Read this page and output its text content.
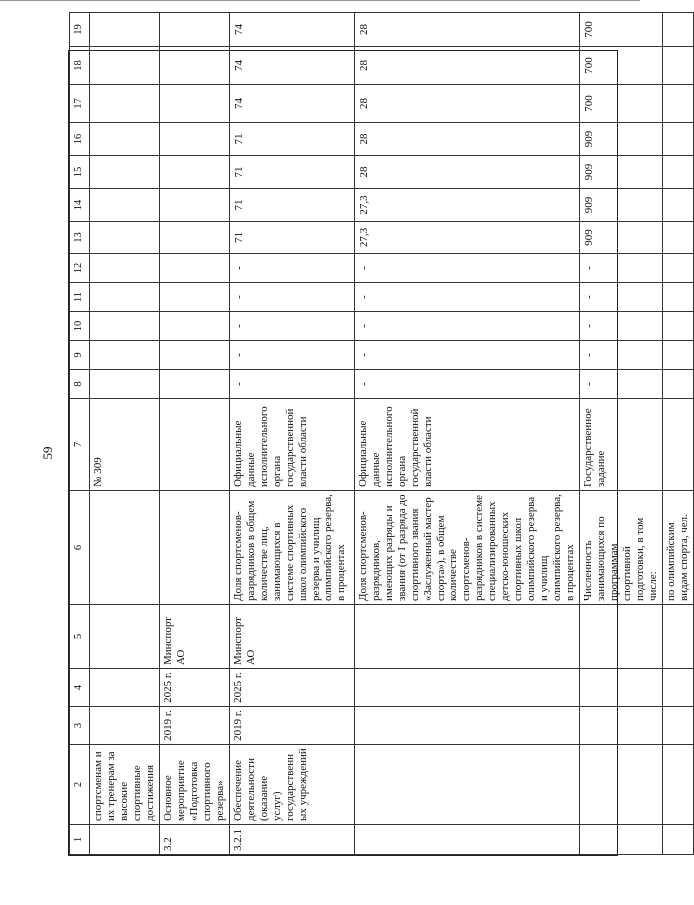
59
1	2	3	4	5	6	7	8	9	10	11	12	13	14	15	16	17	18	19
	спортсменам и их тренерам за высокие спортивные достижения					№ 309												
3.2	Основное мероприятие «Подготовка спортивного резерва»	2019 г.	2025 г.	Минспорт АО														
3.2.1	Обеспечение деятельности (оказание услуг) государственных учреждений	2019 г.	2025 г.	Минспорт АО	Доля спортсменов-разрядников в общем количестве лиц, занимающихся в системе спортивных школ олимпийского резерва и училищ олимпийского резерва, в процентах	Официальные данные исполнительного органа государственной власти области	-	-	-	-	-	71	71	71	71	74	74	74
					Доля спортсменов-разрядников, имеющих разряды и звания (от I разряда до спортивного звания «Заслуженный мастер спорта»), в общем количестве спортсменов-разрядников в системе специализированных детско-юношеских спортивных школ олимпийского резерва и училищ олимпийского резерва, в процентах	Официальные данные исполнительного органа государственной власти области	-	-	-	-	-	27,3	27,3	28	28	28	28	28
					Численность занимающихся по программам спортивной подготовки, в том числе:	Государственное задание	-	-	-	-	-	909	909	909	909	700	700	700
					по олимпийским видам спорта, чел.													
